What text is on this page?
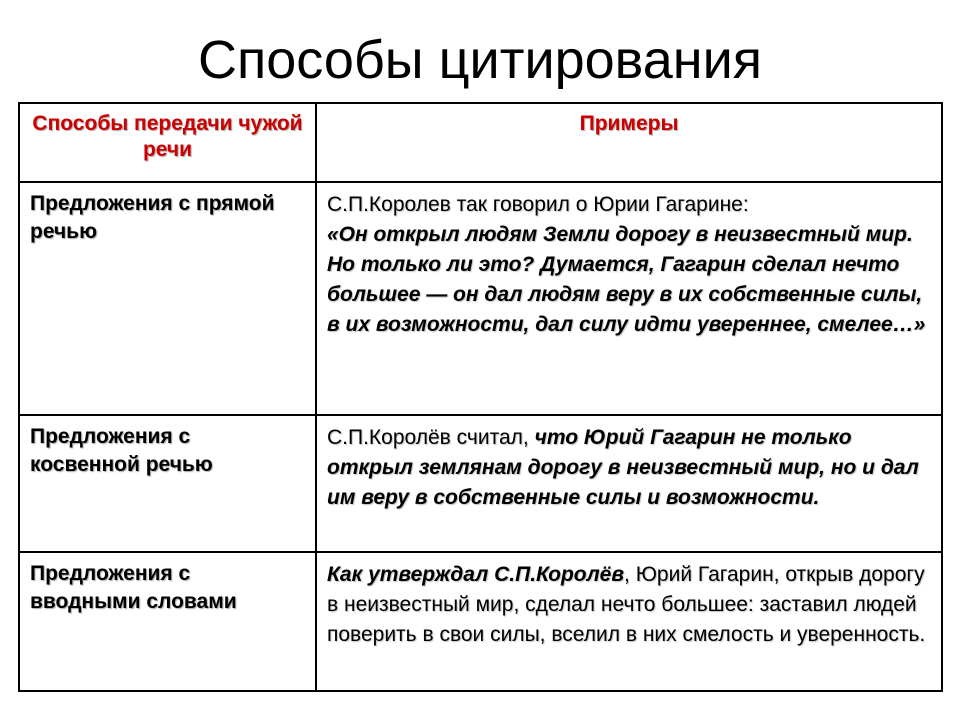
Способы цитирования
Способы передачи чужой речи	Примеры
Предложения с прямой речью	С.П.Королев так говорил о Юрии Гагарине:
«Он открыл людям Земли дорогу в неизвестный мир. Но только ли это? Думается, Гагарин сделал нечто большее — он дал людям веру в их собственные силы, в их возможности, дал силу идти увереннее, смелее…»
Предложения с косвенной речью	С.П.Королёв считал, что Юрий Гагарин не только открыл землянам дорогу в неизвестный мир, но и дал им веру в собственные силы и возможности.
Предложения с вводными словами	Как утверждал С.П.Королёв, Юрий Гагарин, открыв дорогу в неизвестный мир, сделал нечто большее: заставил людей поверить в свои силы, вселил в них смелость и уверенность.
